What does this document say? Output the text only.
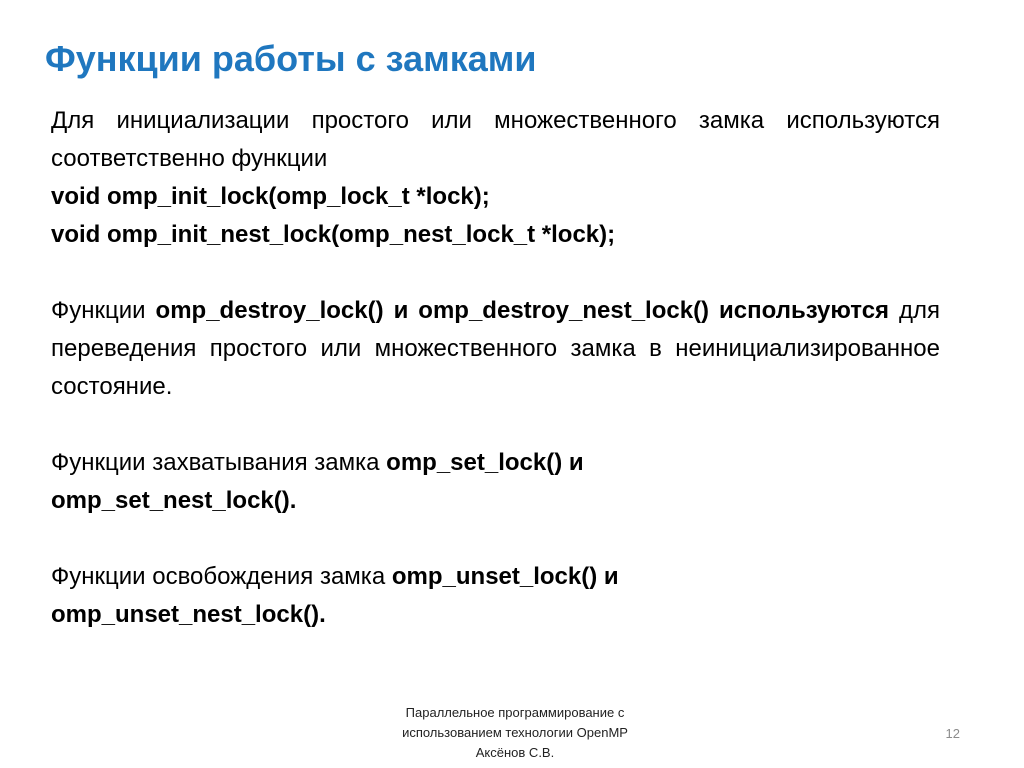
Функции работы с замками

Для инициализации простого или множественного замка используются соответственно функции

void omp_init_lock(omp_lock_t *lock);

void omp_init_nest_lock(omp_nest_lock_t *lock);

Функции omp_destroy_lock() и omp_destroy_nest_lock() используются для переведения простого или множественного замка в неинициализированное состояние.

Функции захватывания замка omp_set_lock() и
omp_set_nest_lock().

Функции освобождения замка omp_unset_lock() и
omp_unset_nest_lock().

Параллельное программирование с
использованием технологии OpenMP
Аксёнов С.В.
12
